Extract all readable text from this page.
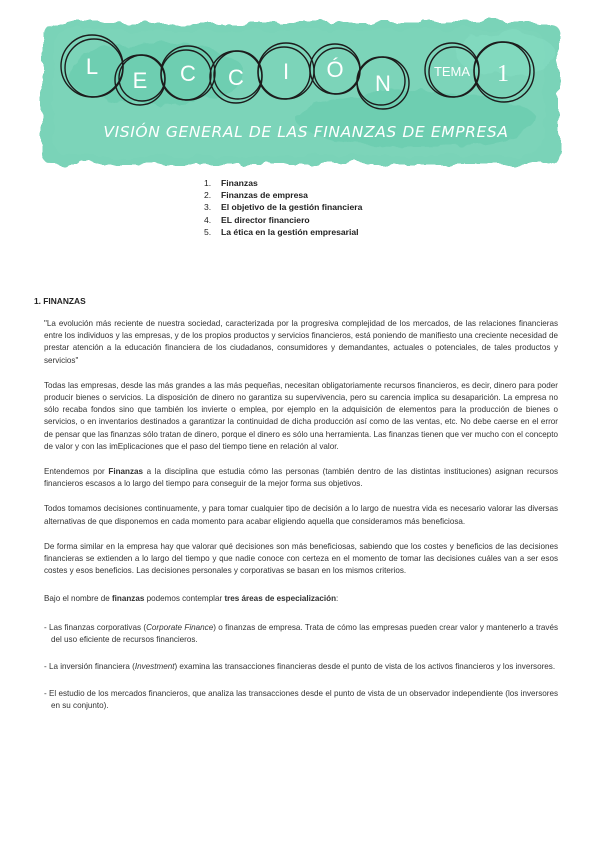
L
E C C I Ó
N	TEMA 1
VISIÓN GENERAL DE LAS FINANZAS DE EMPRESA
1. Finanzas
2. Finanzas de empresa
3. El objetivo de la gestión financiera
4. EL director financiero
5. La ética en la gestión empresarial
1. FINANZAS

"La evolución más reciente de nuestra sociedad, caracterizada por la progresiva complejidad de los mercados, de las relaciones financieras entre los individuos y las empresas, y de los propios productos y servicios financieros, está poniendo de manifiesto una creciente necesidad de prestar atención a la educación financiera de los ciudadanos, consumidores y demandantes, actuales o potenciales, de tales productos y servicios"

Todas las empresas, desde las más grandes a las más pequeñas, necesitan obligatoriamente recursos financieros, es decir, dinero para poder producir bienes o servicios. La disposición de dinero no garantiza su supervivencia, pero su carencia implica su desaparición. La empresa no sólo recaba fondos sino que también los invierte o emplea, por ejemplo en la adquisición de elementos para la producción de bienes o servicios, o en inventarios destinados a garantizar la continuidad de dicha producción así como de las ventas, etc. No debe caerse en el error de pensar que las finanzas sólo tratan de dinero, porque el dinero es sólo una herramienta. Las finanzas tienen que ver mucho con el concepto de valor y con las imEplicaciones que el paso del tiempo tiene en relación al valor.

Entendemos por Finanzas a la disciplina que estudia cómo las personas (también dentro de las distintas instituciones) asignan recursos financieros escasos a lo largo del tiempo para conseguir de la mejor forma sus objetivos.

Todos tomamos decisiones continuamente, y para tomar cualquier tipo de decisión a lo largo de nuestra vida es necesario valorar las diversas alternativas de que disponemos en cada momento para acabar eligiendo aquella que consideramos más beneficiosa.

De forma similar en la empresa hay que valorar qué decisiones son más beneficiosas, sabiendo que los costes y beneficios de las decisiones financieras se extienden a lo largo del tiempo y que nadie conoce con certeza en el momento de tomar las decisiones cuáles van a ser esos costes y esos beneficios. Las decisiones personales y corporativas se basan en los mismos criterios.

Bajo el nombre de finanzas podemos contemplar tres áreas de especialización:

- Las finanzas corporativas (Corporate Finance) o finanzas de empresa. Trata de cómo las empresas pueden crear valor y mantenerlo a través del uso eficiente de recursos financieros.

- La inversión financiera (Investment) examina las transacciones financieras desde el punto de vista de los activos financieros y los inversores.

- El estudio de los mercados financieros, que analiza las transacciones desde el punto de vista de un observador independiente (los inversores en su conjunto).
